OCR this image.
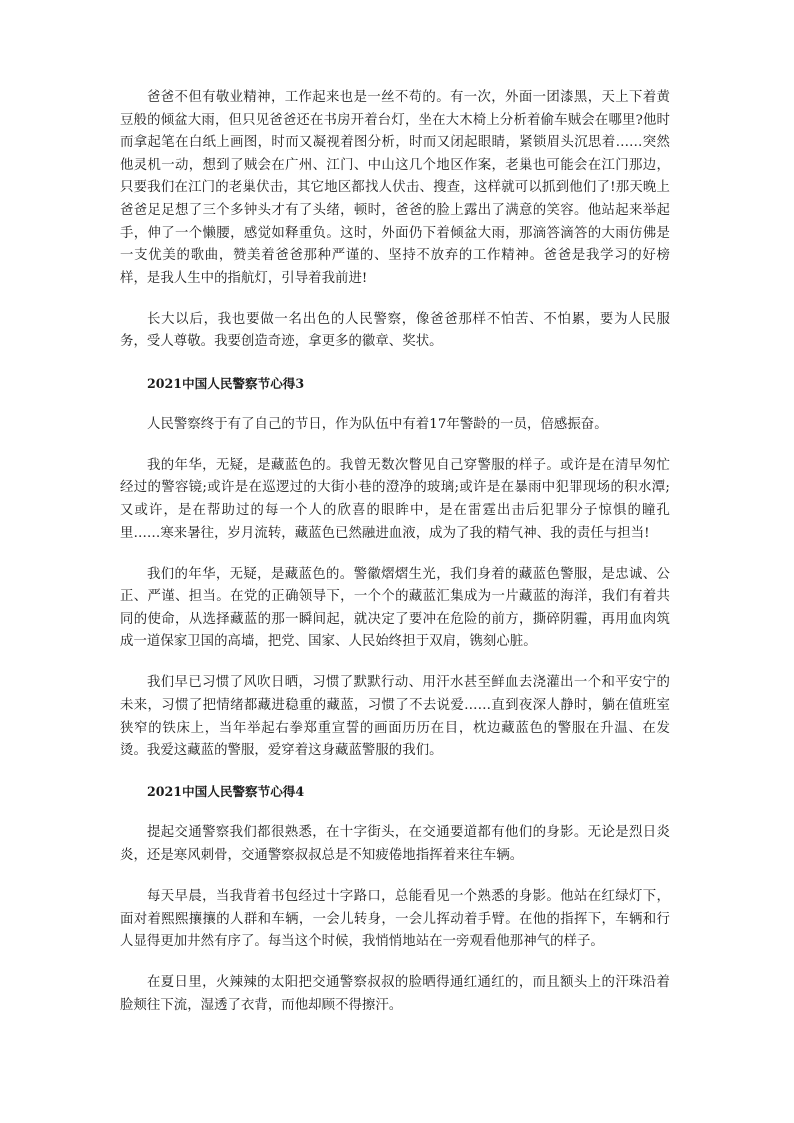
爸爸不但有敬业精神，工作起来也是一丝不苟的。有一次，外面一团漆黑，天上下着黄豆般的倾盆大雨，但只见爸爸还在书房开着台灯，坐在大木椅上分析着偷车贼会在哪里?他时而拿起笔在白纸上画图，时而又凝视着图分析，时而又闭起眼睛，紧锁眉头沉思着……突然他灵机一动，想到了贼会在广州、江门、中山这几个地区作案，老巢也可能会在江门那边，只要我们在江门的老巢伏击，其它地区都找人伏击、搜查，这样就可以抓到他们了!那天晚上爸爸足足想了三个多钟头才有了头绪，顿时，爸爸的脸上露出了满意的笑容。他站起来举起手，伸了一个懒腰，感觉如释重负。这时，外面仍下着倾盆大雨，那滴答滴答的大雨仿佛是一支优美的歌曲，赞美着爸爸那种严谨的、坚持不放弃的工作精神。爸爸是我学习的好榜样，是我人生中的指航灯，引导着我前进!

长大以后，我也要做一名出色的人民警察，像爸爸那样不怕苦、不怕累，要为人民服务，受人尊敬。我要创造奇迹，拿更多的徽章、奖状。

2021中国人民警察节心得3

人民警察终于有了自己的节日，作为队伍中有着17年警龄的一员，倍感振奋。

我的年华，无疑，是藏蓝色的。我曾无数次瞥见自己穿警服的样子。或许是在清早匆忙经过的警容镜;或许是在巡逻过的大街小巷的澄净的玻璃;或许是在暴雨中犯罪现场的积水潭;又或许，是在帮助过的每一个人的欣喜的眼眸中，是在雷霆出击后犯罪分子惊惧的瞳孔里……寒来暑往，岁月流转，藏蓝色已然融进血液，成为了我的精气神、我的责任与担当!

我们的年华，无疑，是藏蓝色的。警徽熠熠生光，我们身着的藏蓝色警服，是忠诚、公正、严谨、担当。在党的正确领导下，一个个的藏蓝汇集成为一片藏蓝的海洋，我们有着共同的使命，从选择藏蓝的那一瞬间起，就决定了要冲在危险的前方，撕碎阴霾，再用血肉筑成一道保家卫国的高墙，把党、国家、人民始终担于双肩，镌刻心脏。

我们早已习惯了风吹日晒，习惯了默默行动、用汗水甚至鲜血去浇灌出一个和平安宁的未来，习惯了把情绪都藏进稳重的藏蓝，习惯了不去说爱……直到夜深人静时，躺在值班室狭窄的铁床上，当年举起右拳郑重宣誓的画面历历在目，枕边藏蓝色的警服在升温、在发烫。我爱这藏蓝的警服，爱穿着这身藏蓝警服的我们。

2021中国人民警察节心得4

提起交通警察我们都很熟悉，在十字街头，在交通要道都有他们的身影。无论是烈日炎炎，还是寒风刺骨，交通警察叔叔总是不知疲倦地指挥着来往车辆。

每天早晨，当我背着书包经过十字路口，总能看见一个熟悉的身影。他站在红绿灯下，面对着熙熙攘攘的人群和车辆，一会儿转身，一会儿挥动着手臂。在他的指挥下，车辆和行人显得更加井然有序了。每当这个时候，我悄悄地站在一旁观看他那神气的样子。

在夏日里，火辣辣的太阳把交通警察叔叔的脸晒得通红通红的，而且额头上的汗珠沿着脸颊往下流，湿透了衣背，而他却顾不得擦汗。
